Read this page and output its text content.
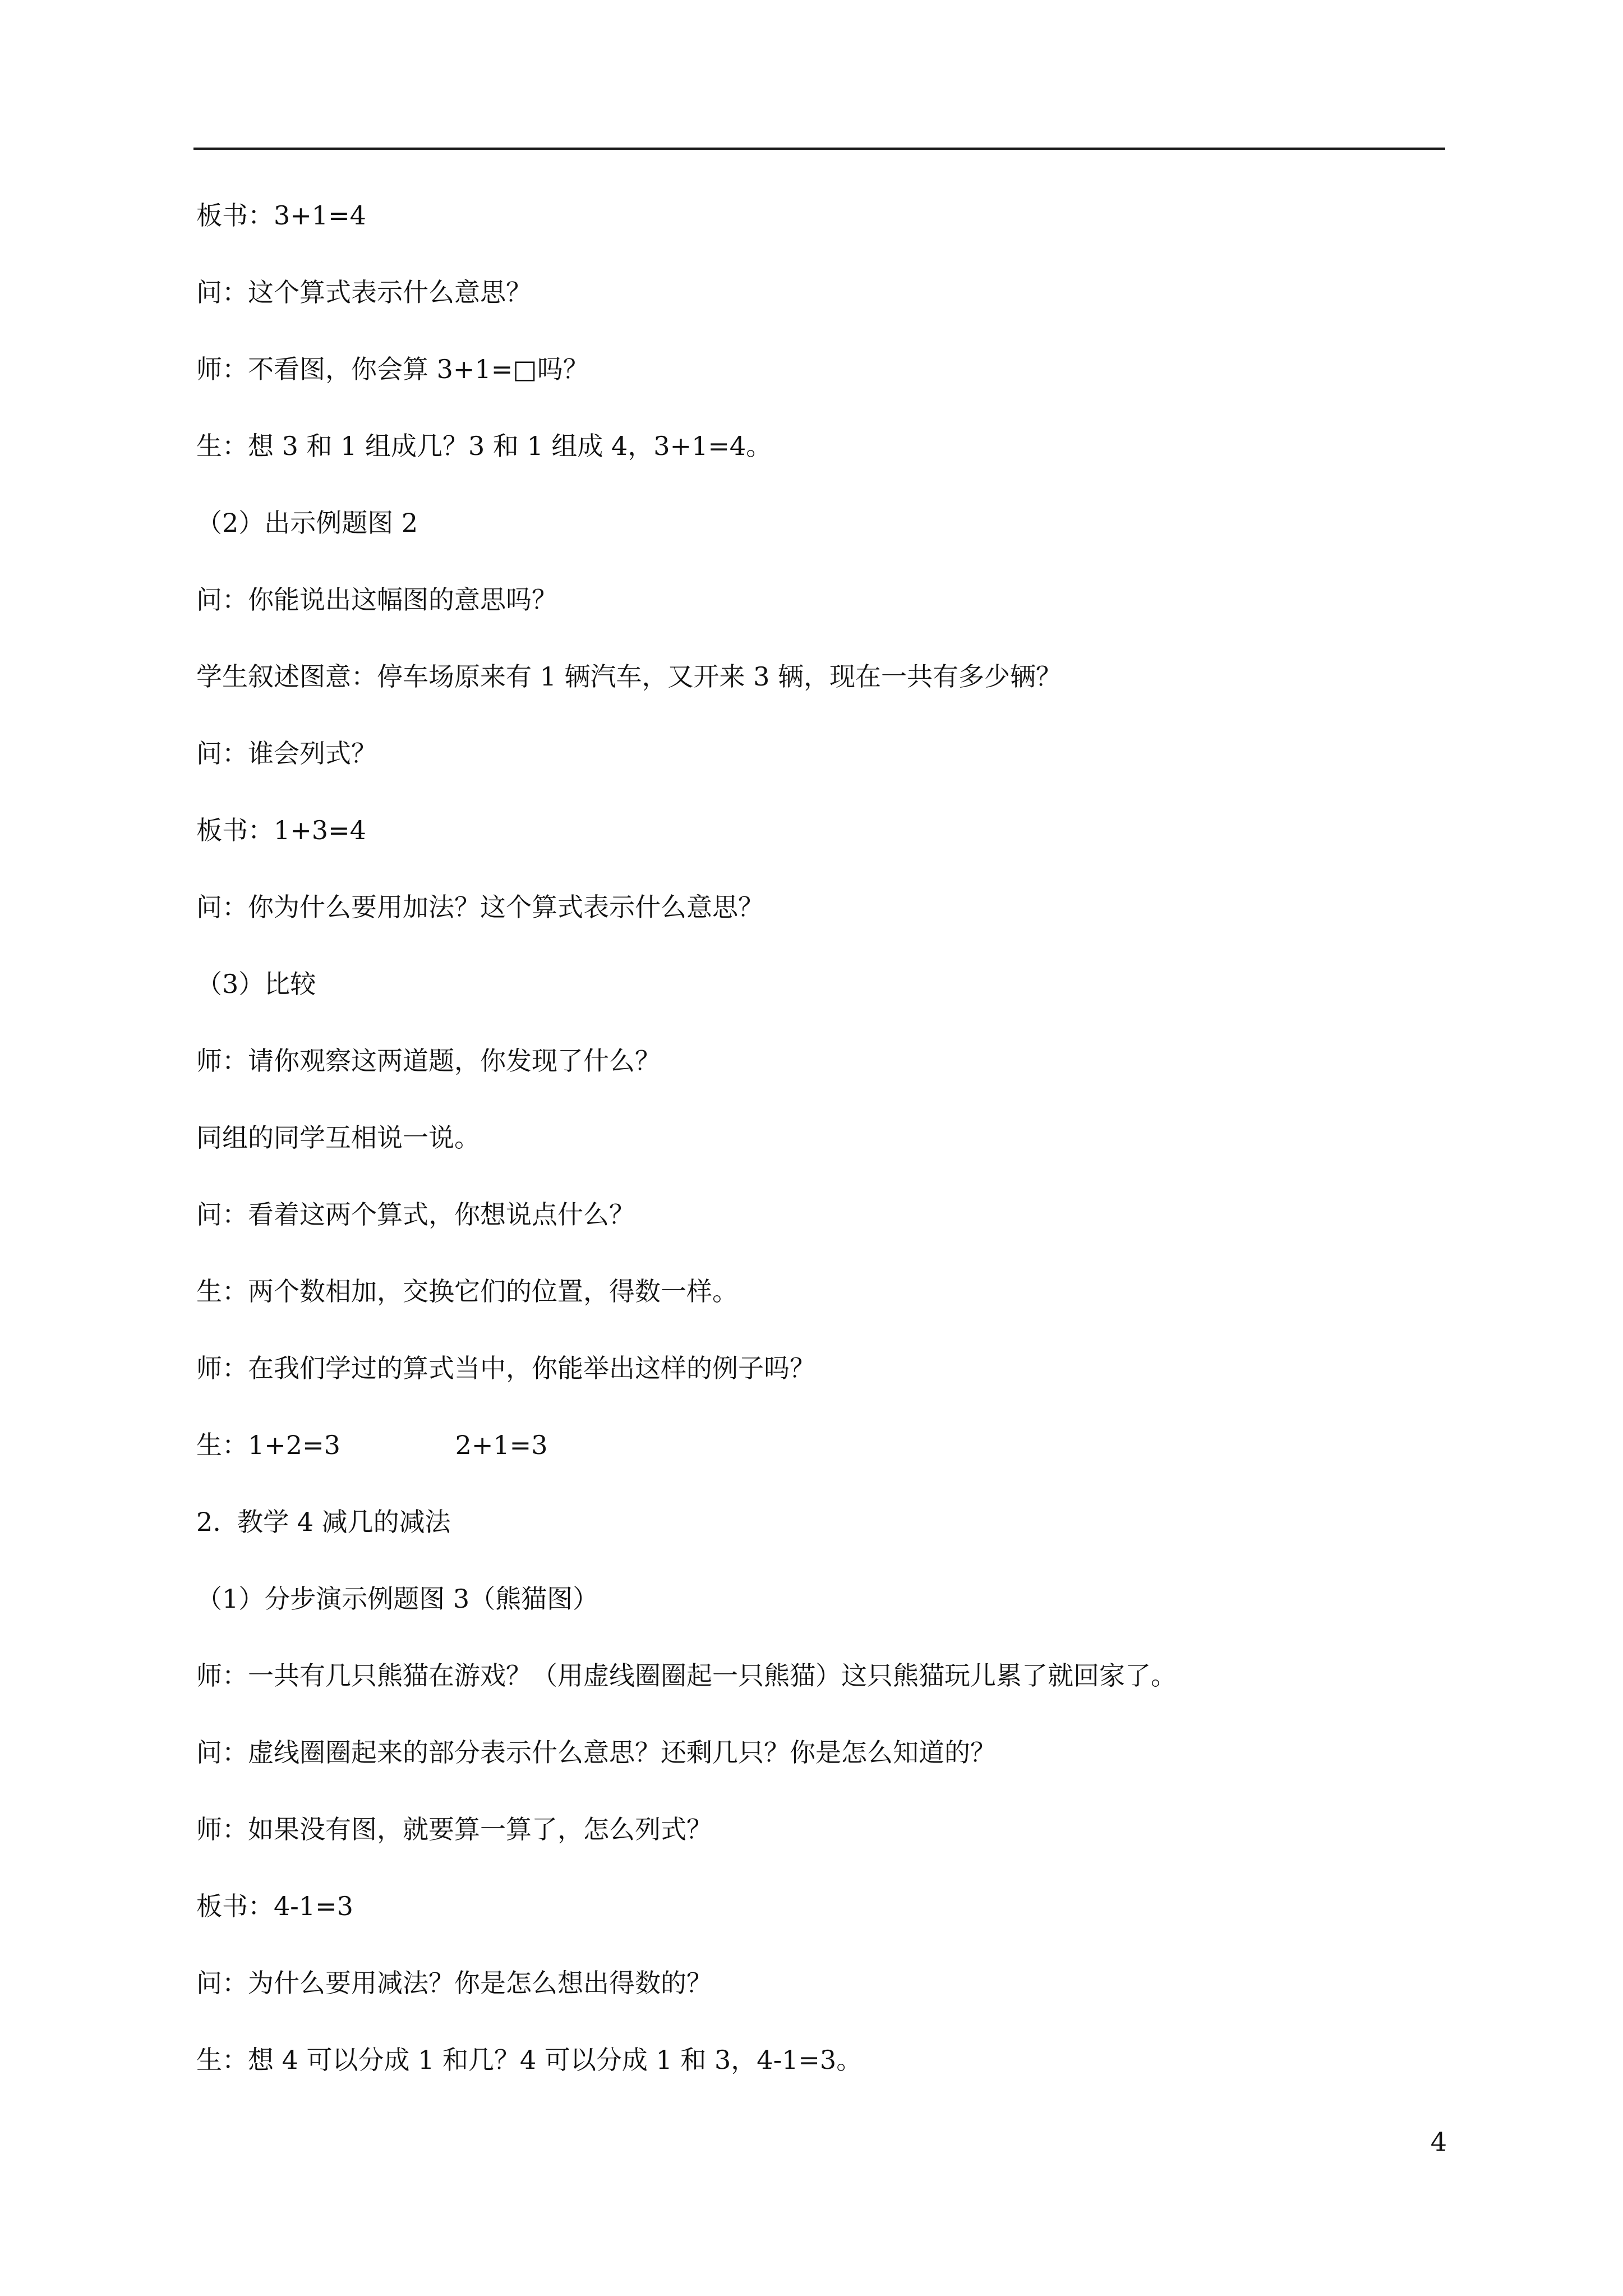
板书：3+1=4
问：这个算式表示什么意思？
师：不看图，你会算 3+1=□吗？
生：想 3 和 1 组成几？3 和 1 组成 4，3+1=4。
（2）出示例题图 2
问：你能说出这幅图的意思吗？
学生叙述图意：停车场原来有 1 辆汽车，又开来 3 辆，现在一共有多少辆？
问：谁会列式？
板书：1+3=4
问：你为什么要用加法？这个算式表示什么意思？
（3）比较
师：请你观察这两道题，你发现了什么？
同组的同学互相说一说。
问：看着这两个算式，你想说点什么？
生：两个数相加，交换它们的位置，得数一样。
师：在我们学过的算式当中，你能举出这样的例子吗？
生：1+2=3              2+1=3
2.  教学 4 减几的减法
（1）分步演示例题图 3（熊猫图）
师：一共有几只熊猫在游戏？（用虚线圈圈起一只熊猫）这只熊猫玩儿累了就回家了。
问：虚线圈圈起来的部分表示什么意思？还剩几只？你是怎么知道的？
师：如果没有图，就要算一算了，怎么列式？
板书：4-1=3
问：为什么要用减法？你是怎么想出得数的？
生：想 4 可以分成 1 和几？4 可以分成 1 和 3，4-1=3。
4
